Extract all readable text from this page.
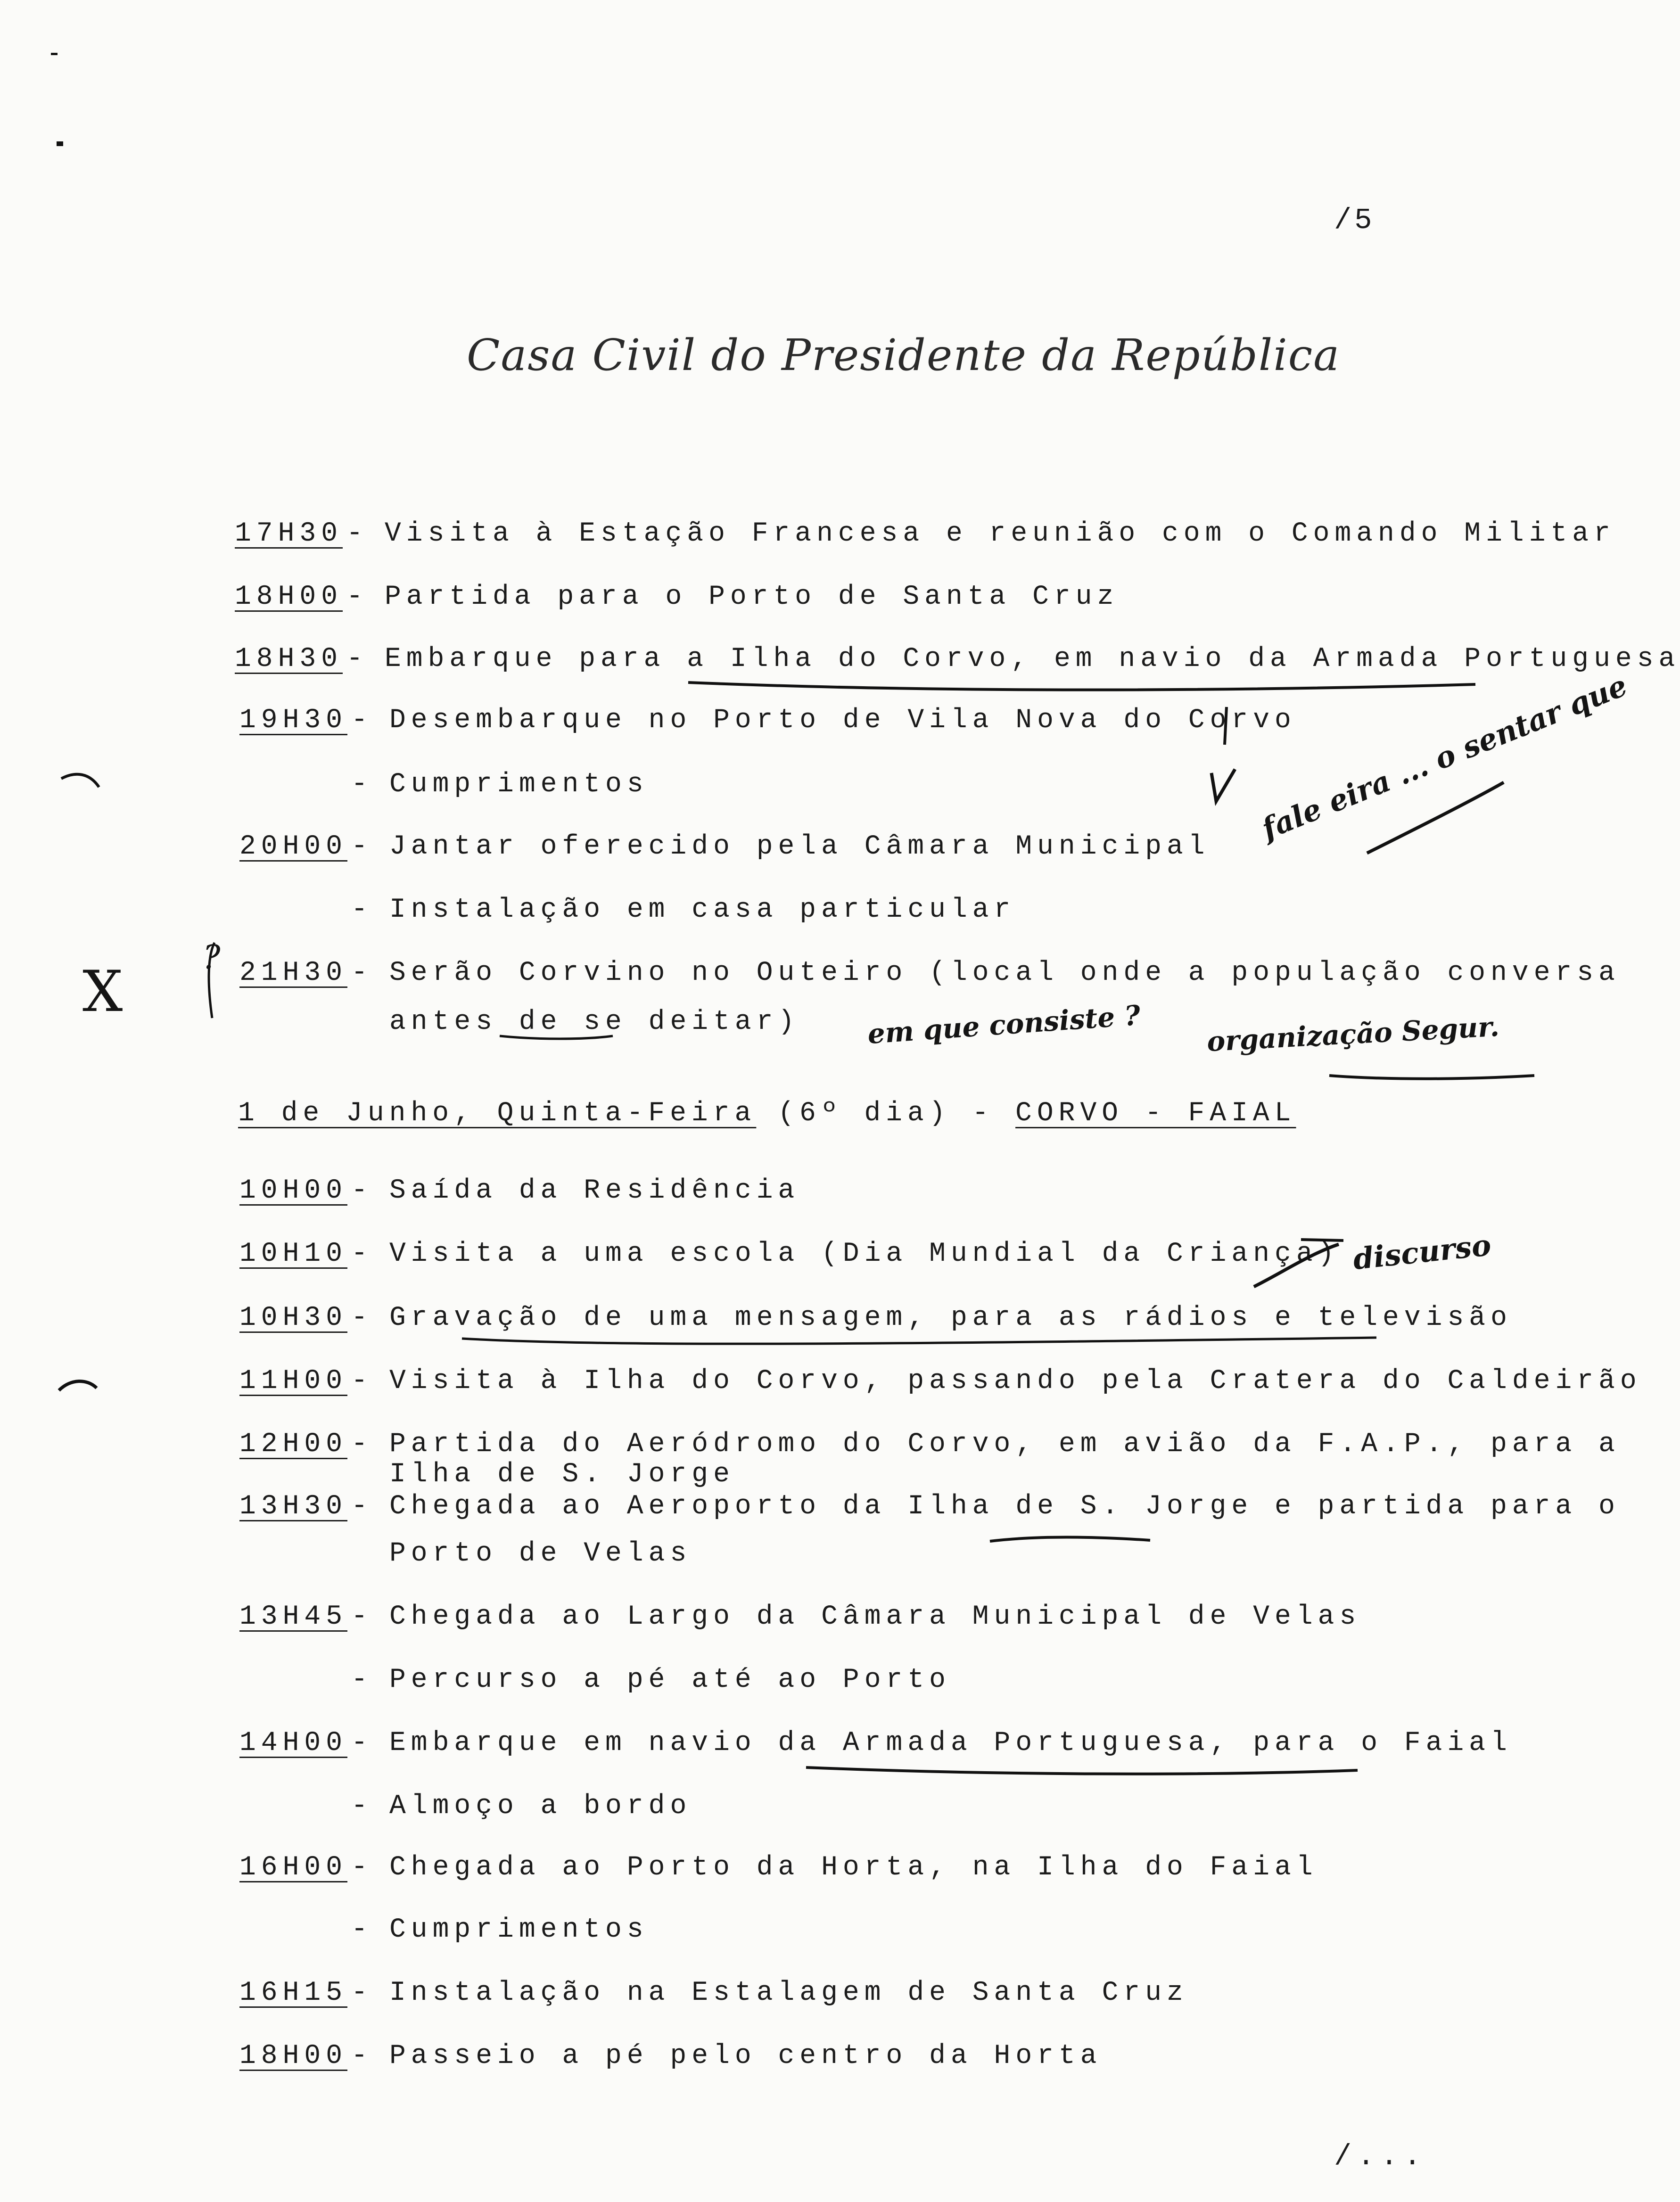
/5
Casa Civil do Presidente da República
17H30 - Visita à Estação Francesa e reunião com o Comando Militar
18H00 - Partida para o Porto de Santa Cruz
18H30 - Embarque para a Ilha do Corvo, em navio da Armada Portuguesa
19H30 - Desembarque no Porto de Vila Nova do Corvo
- Cumprimentos
20H00 - Jantar oferecido pela Câmara Municipal
- Instalação em casa particular
21H30 - Serão Corvino no Outeiro (local onde a população conversa
antes de se deitar)
1 de Junho, Quinta-Feira (6º dia) - CORVO - FAIAL
10H00 - Saída da Residência
10H10 - Visita a uma escola (Dia Mundial da Criança)
10H30 - Gravação de uma mensagem, para as rádios e televisão
11H00 - Visita à Ilha do Corvo, passando pela Cratera do Caldeirão
12H00 - Partida do Aeródromo do Corvo, em avião da F.A.P., para a
Ilha de S. Jorge
13H30 - Chegada ao Aeroporto da Ilha de S. Jorge e partida para o
Porto de Velas
13H45 - Chegada ao Largo da Câmara Municipal de Velas
- Percurso a pé até ao Porto
14H00 - Embarque em navio da Armada Portuguesa, para o Faial
- Almoço a bordo
16H00 - Chegada ao Porto da Horta, na Ilha do Faial
- Cumprimentos
16H15 - Instalação na Estalagem de Santa Cruz
18H00 - Passeio a pé pelo centro da Horta
/...
fale eira ... o sentar que
em que consiste ? organização Segur.
discurso
X
?
